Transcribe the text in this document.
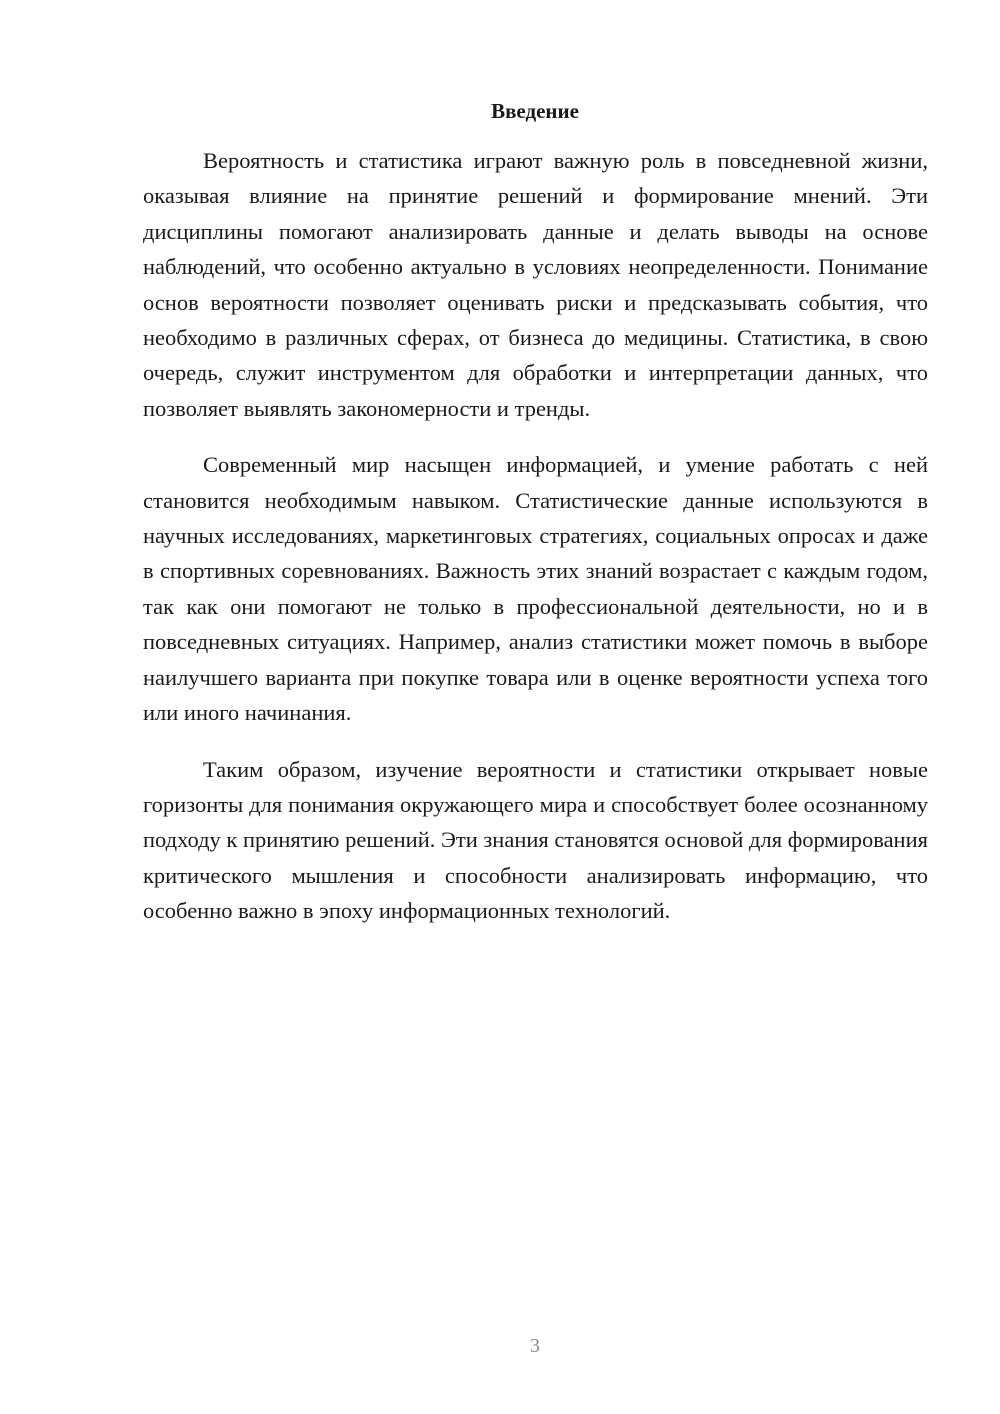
Введение

Вероятность и статистика играют важную роль в повседневной жизни, оказывая влияние на принятие решений и формирование мнений. Эти дисциплины помогают анализировать данные и делать выводы на основе наблюдений, что особенно актуально в условиях неопределенности. Понимание основ вероятности позволяет оценивать риски и предсказывать события, что необходимо в различных сферах, от бизнеса до медицины. Статистика, в свою очередь, служит инструментом для обработки и интерпретации данных, что позволяет выявлять закономерности и тренды.

Современный мир насыщен информацией, и умение работать с ней становится необходимым навыком. Статистические данные используются в научных исследованиях, маркетинговых стратегиях, социальных опросах и даже в спортивных соревнованиях. Важность этих знаний возрастает с каждым годом, так как они помогают не только в профессиональной деятельности, но и в повседневных ситуациях. Например, анализ статистики может помочь в выборе наилучшего варианта при покупке товара или в оценке вероятности успеха того или иного начинания.

Таким образом, изучение вероятности и статистики открывает новые горизонты для понимания окружающего мира и способствует более осознанному подходу к принятию решений. Эти знания становятся основой для формирования критического мышления и способности анализировать информацию, что особенно важно в эпоху информационных технологий.

3
